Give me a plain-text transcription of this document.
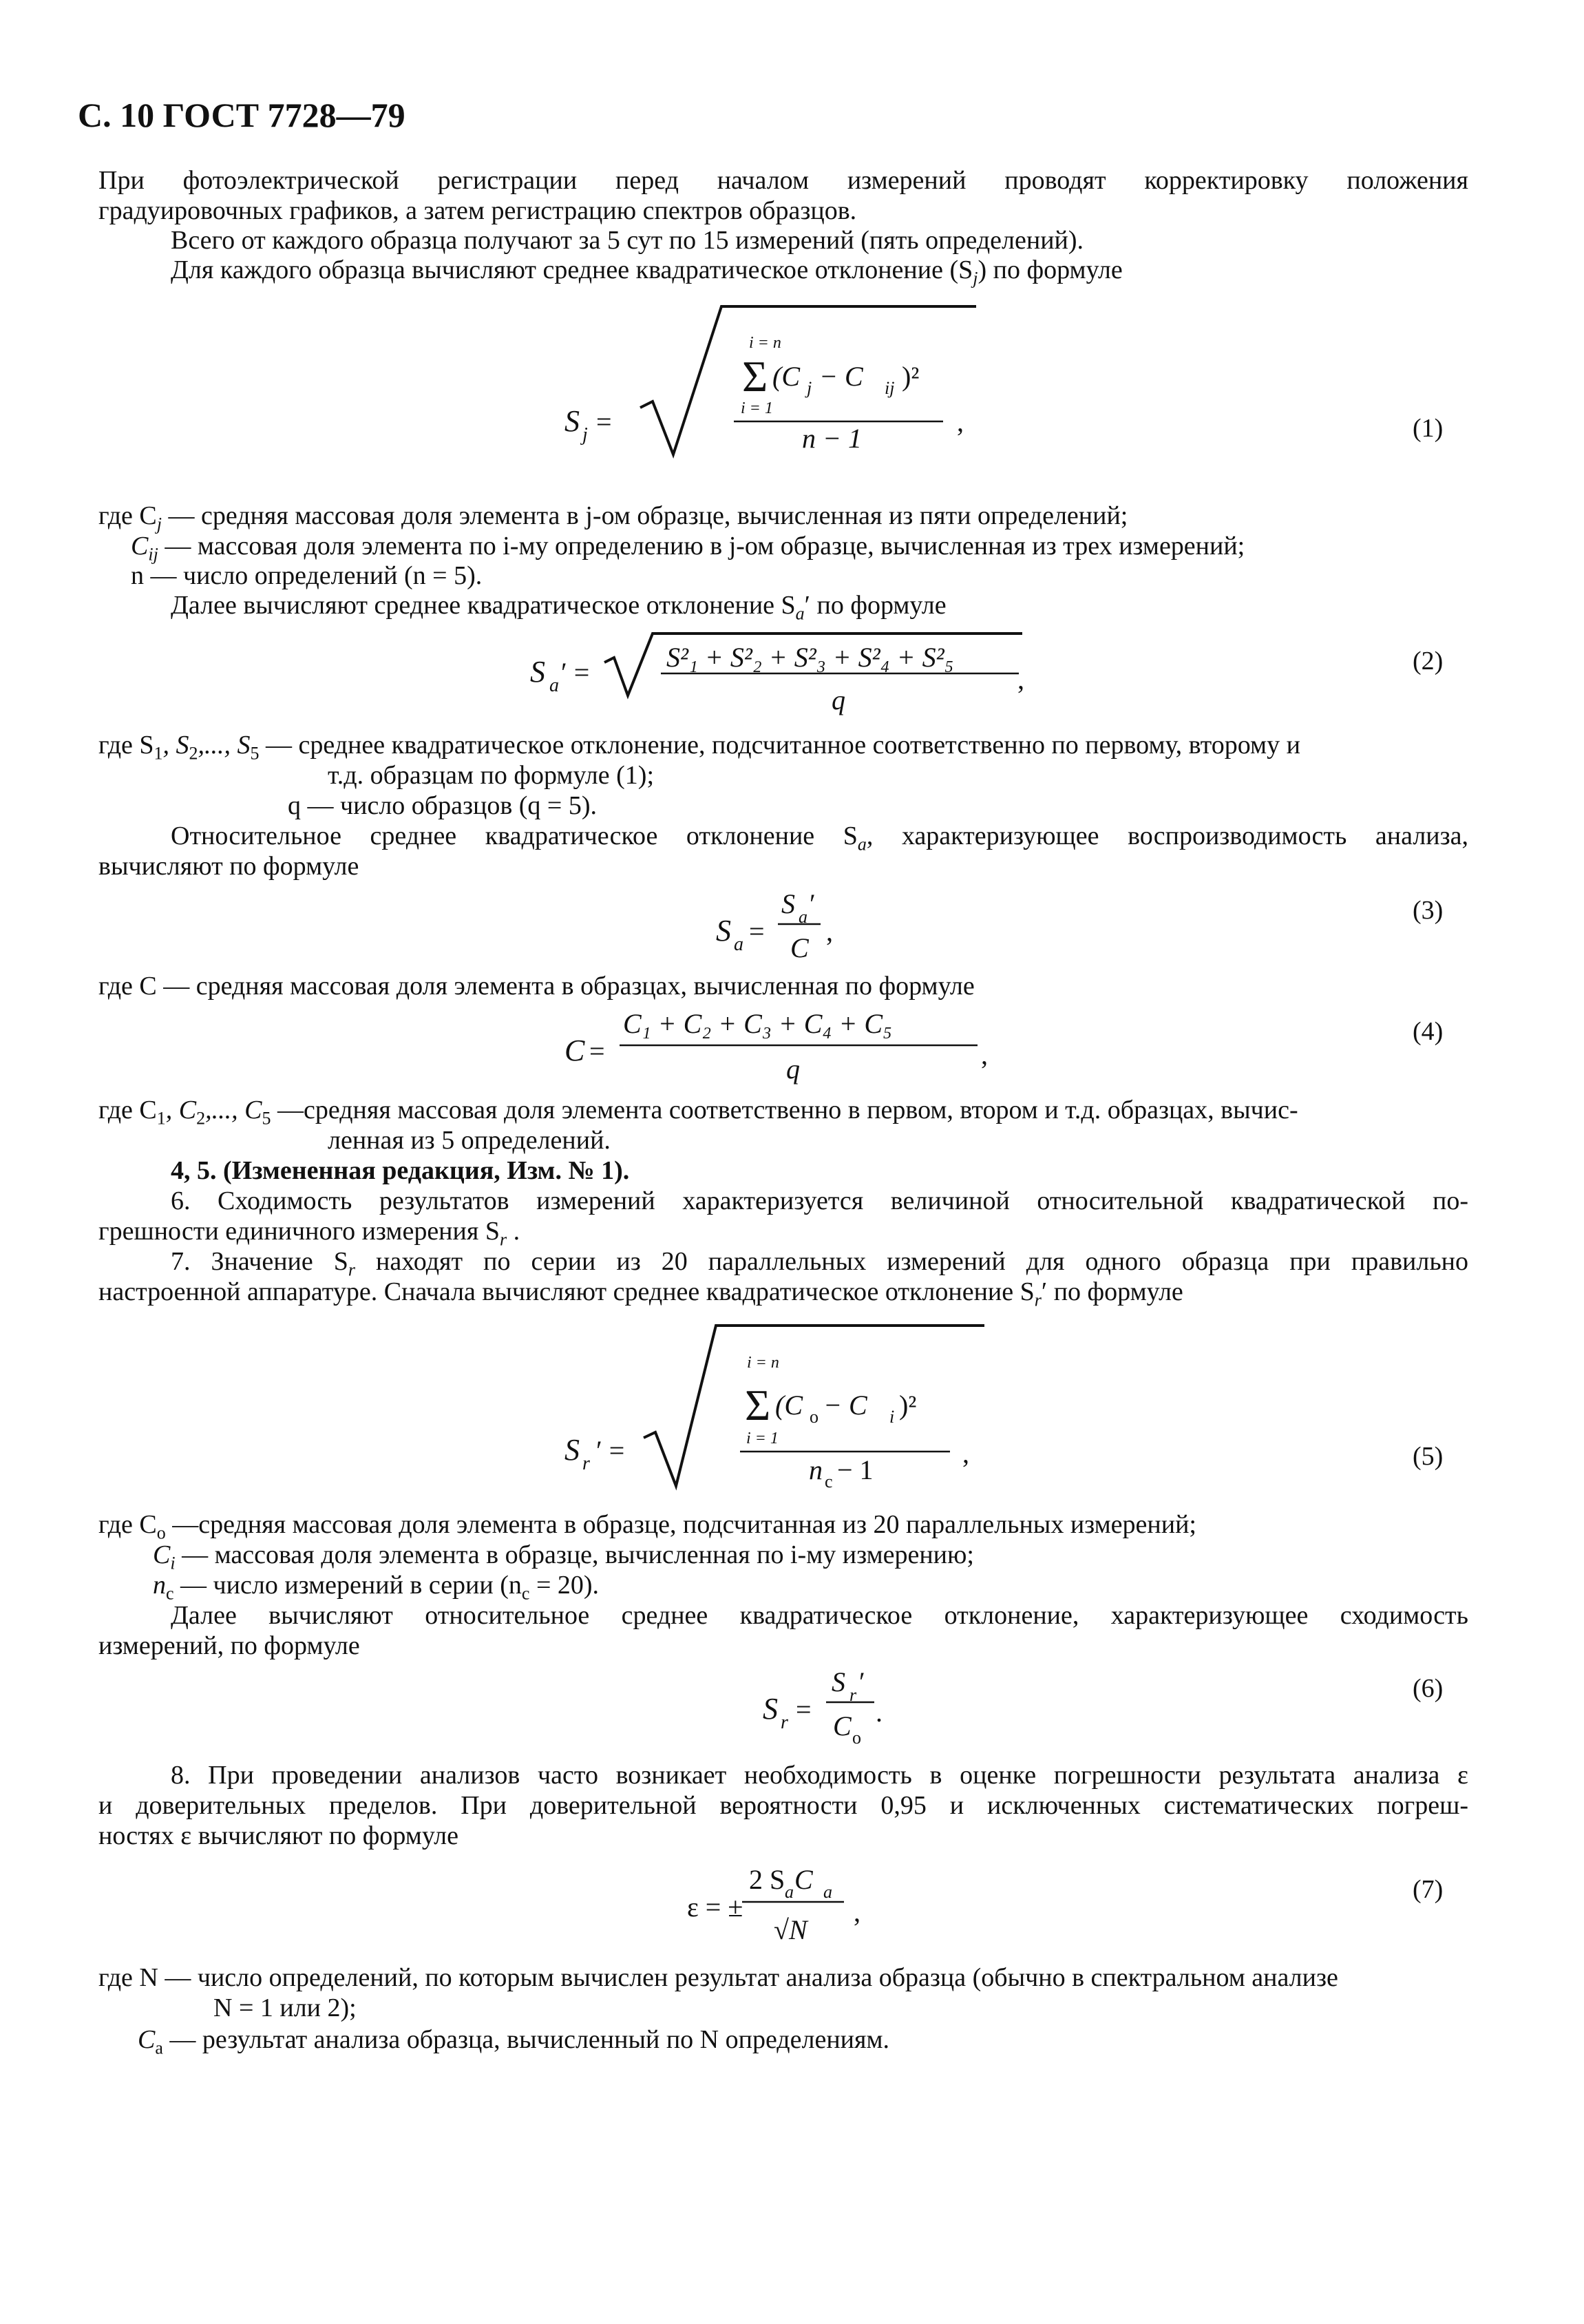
С. 10 ГОСТ 7728—79
При фотоэлектрической регистрации перед началом измерений проводят корректировку положения
градуировочных графиков, а затем регистрацию спектров образцов.
Всего от каждого образца получают за 5 сут по 15 измерений (пять определений).
Для каждого образца вычисляют среднее квадратическое отклонение $(S_j)$ по формуле
S j =
i = n
Σ (C j − C ij )²
i = 1
n − 1
,	(1)
где $C_j$ — средняя массовая доля элемента в j-ом образце, вычисленная из пяти определений;
$C_{ij}$ — массовая доля элемента по i-му определению в j-ом образце, вычисленная из трех измерений;
n — число определений (n = 5).
Далее вычисляют среднее квадратическое отклонение $S_a'$ по формуле
S a ′ =	S²₁ + S²₂ + S²₃ + S²₄ + S²₅
q
,
(2)
где $S_1$, $S_2$,..., $S_5$ — среднее квадратическое отклонение, подсчитанное соответственно по первому, второму и
т.д. образцам по формуле (1);
q — число образцов (q = 5).
Относительное среднее квадратическое отклонение $S_a$, характеризующее воспроизводимость анализа,
вычисляют по формуле
S a =
S a ′
C
,
(3)
где C — средняя массовая доля элемента в образцах, вычисленная по формуле
C =
C₁ + C₂ + C₃ + C₄ + C₅
q	,
(4)
где $C_1$, $C_2$,..., $C_5$ —средняя массовая доля элемента соответственно в первом, втором и т.д. образцах, вычис-
ленная из 5 определений.
4, 5. (Измененная редакция, Изм. № 1).
6. Сходимость результатов измерений характеризуется величиной относительной квадратической по-
грешности единичного измерения $S_r$ .
7. Значение $S_r$ находят по серии из 20 параллельных измерений для одного образца при правильно
настроенной аппаратуре. Сначала вычисляют среднее квадратическое отклонение $S_r'$ по формуле
S r ′ =
i = n
Σ (C o − C i )²
i = 1
n c − 1
,	(5)
где $C_o$ —средняя массовая доля элемента в образце, подсчитанная из 20 параллельных измерений;
$C_i$ — массовая доля элемента в образце, вычисленная по i-му измерению;
$n_c$ — число измерений в серии $(n_c = 20)$.
Далее вычисляют относительное среднее квадратическое отклонение, характеризующее сходимость
измерений, по формуле
S r =
S r ′
C o
.
(6)
8. При проведении анализов часто возникает необходимость в оценке погрешности результата анализа ε
и доверительных пределов. При доверительной вероятности 0,95 и исключенных систематических погреш-
ностях ε вычисляют по формуле
ε = ±
2 S a C a
√N
,
(7)
где N — число определений, по которым вычислен результат анализа образца (обычно в спектральном анализе
N = 1 или 2);
$C_a$ — результат анализа образца, вычисленный по N определениям.
